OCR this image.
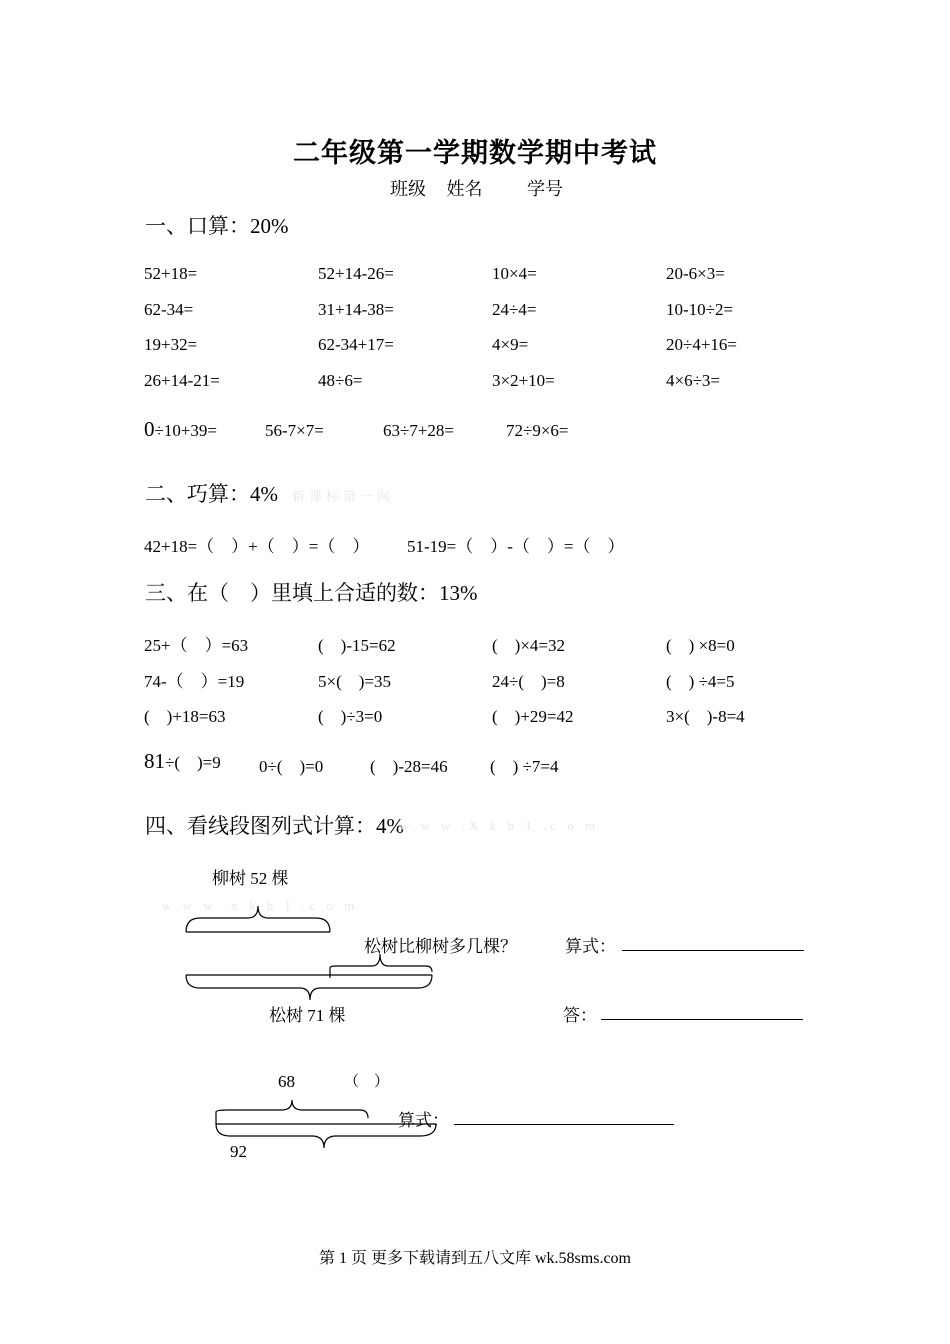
二年级第一学期数学期中考试
班级 姓名 学号
一、口算：20%
52+18=	52+14-26=	10×4=	20-6×3=
62-34=	31+14-38=	24÷4=	10-10÷2=
19+32=	62-34+17=	4×9=	20÷4+16=
26+14-21=	48÷6=	3×2+10=	4×6÷3=
0÷10+39=	56-7×7=	63÷7+28=	72÷9×6=
二、巧算：4% 新课标第一网
42+18=（　）+（　）=（　） 51-19=（　）-（　）=（　）
三、在（　）里填上合适的数：13%
25+（　）=63	(　)-15=62	(　)×4=32	(　) ×8=0
74-（　）=19	5×(　)=35	24÷(　)=8	(　) ÷4=5
(　)+18=63	(　)÷3=0	(　)+29=42	3×(　)-8=4
81÷(　)=9 0÷(　)=0	(　)-28=46 (　) ÷7=4
四、看线段图列式计算：4%
w w w .X k b 1 .c o m
柳树 52 棵
w w w .x k b 1 .c o m
松树比柳树多几棵？	算式：
松树 71 棵	答：
68	（　）
算式：
92
第 1 页 更多下载请到五八文库 wk.58sms.com
